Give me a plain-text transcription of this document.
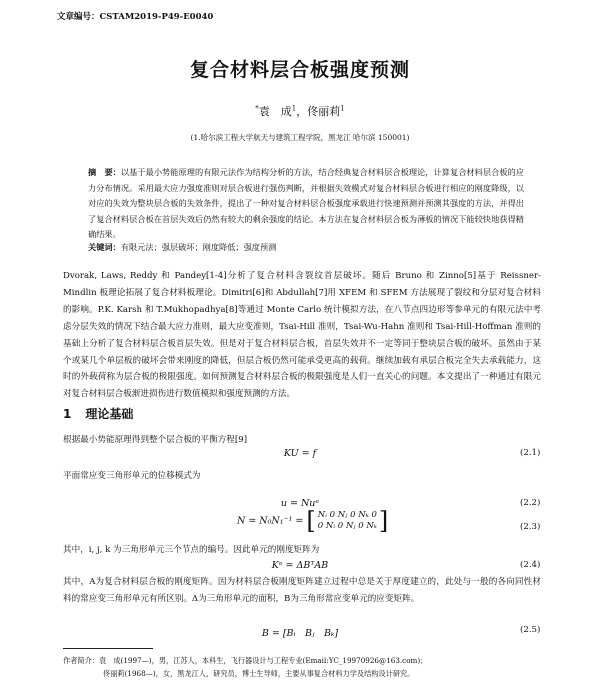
文章编号：CSTAM2019-P49-E0040
复合材料层合板强度预测
*袁　成$^1$，佟丽莉$^1$
(1.哈尔滨工程大学航天与建筑工程学院，黑龙江 哈尔滨 150001)
摘　要：以基于最小势能原理的有限元法作为结构分析的方法，结合经典复合材料层合板理论，计算复合材料层合板的应力分布情况。采用最大应力强度准则对层合板进行强伤判断，并根据失效模式对复合材料层合板进行相应的刚度降级，以对应的失效为整块层合板的失效条件，提出了一种对复合材料层合板强度承载进行快速预测并预测其强度的方法，并得出了复合材料层合板在首层失效后仍然有较大的剩余强度的结论。本方法在复合材料层合板为薄板的情况下能较快地获得精确结果。
关键词：有限元法；强层破坏；刚度降低；强度预测
Dvorak, Laws, Reddy 和 Pandey[1-4]分析了复合材料含裂纹首层破坏。随后 Bruno 和 Zinno[5]基于 Reissner-Mindlin 板理论拓展了复合材料板理论。Dimitri[6]和 Abdullah[7]用 XFEM 和 SFEM 方法展现了裂纹和分层对复合材料的影响。P.K. Karsh 和 T.Mukhopadhya[8]等通过 Monte Carlo 统计模拟方法，在八节点四边形等参单元的有限元法中考虑分层失效的情况下结合最大应力准则，最大应变准则，Tsai-Hill 准则，Tsai-Wu-Hahn 准则和 Tsai-Hill-Hoffman 准则的基础上分析了复合材料层合板首层失效。但是对于复合材料层合板，首层失效并不一定等同于整块层合板的破坏。虽然由于某个或某几个单层板的破坏会带来刚度的降低，但层合板仍然可能承受更高的载荷。继续加载有承层合板完全失去承载能力，这时的外载荷称为层合板的极限强度。如何预测复合材料层合板的极限强度是人们一直关心的问题。本文提出了一种通过有限元对复合材料层合板渐进损伤进行数值模拟和强度预测的方法。
1 理论基础
根据最小势能原理得到整个层合板的平衡方程[9]
KU = f	(2.1)
平面常应变三角形单元的位移模式为
u = Nuᵉ	(2.2)
N = N₀N₁⁻¹ = [ Nᵢ 0 Nⱼ 0 Nₖ 0
0 Nᵢ 0 Nⱼ 0 Nₖ ]	(2.3)
其中，i, j, k 为三角形单元三个节点的编号。因此单元的刚度矩阵为
Kᵉ = ΔBᵀAB	(2.4)
其中，A为复合材料层合板的刚度矩阵。因为材料层合板刚度矩阵建立过程中总是关于厚度建立的，此处与一般的各向同性材料的常应变三角形单元有所区别。Δ为三角形单元的面积，B为三角形常应变单元的应变矩阵。
B = [Bᵢ　Bⱼ　Bₖ]	(2.5)
作者简介：袁　成(1997—)，男，江苏人，本科生，飞行器设计与工程专业(Email:YC_19970926@163.com)；
佟丽莉(1968—)，女，黑龙江人，研究员，博士生导师，主要从事复合材料力学及结构设计研究。
